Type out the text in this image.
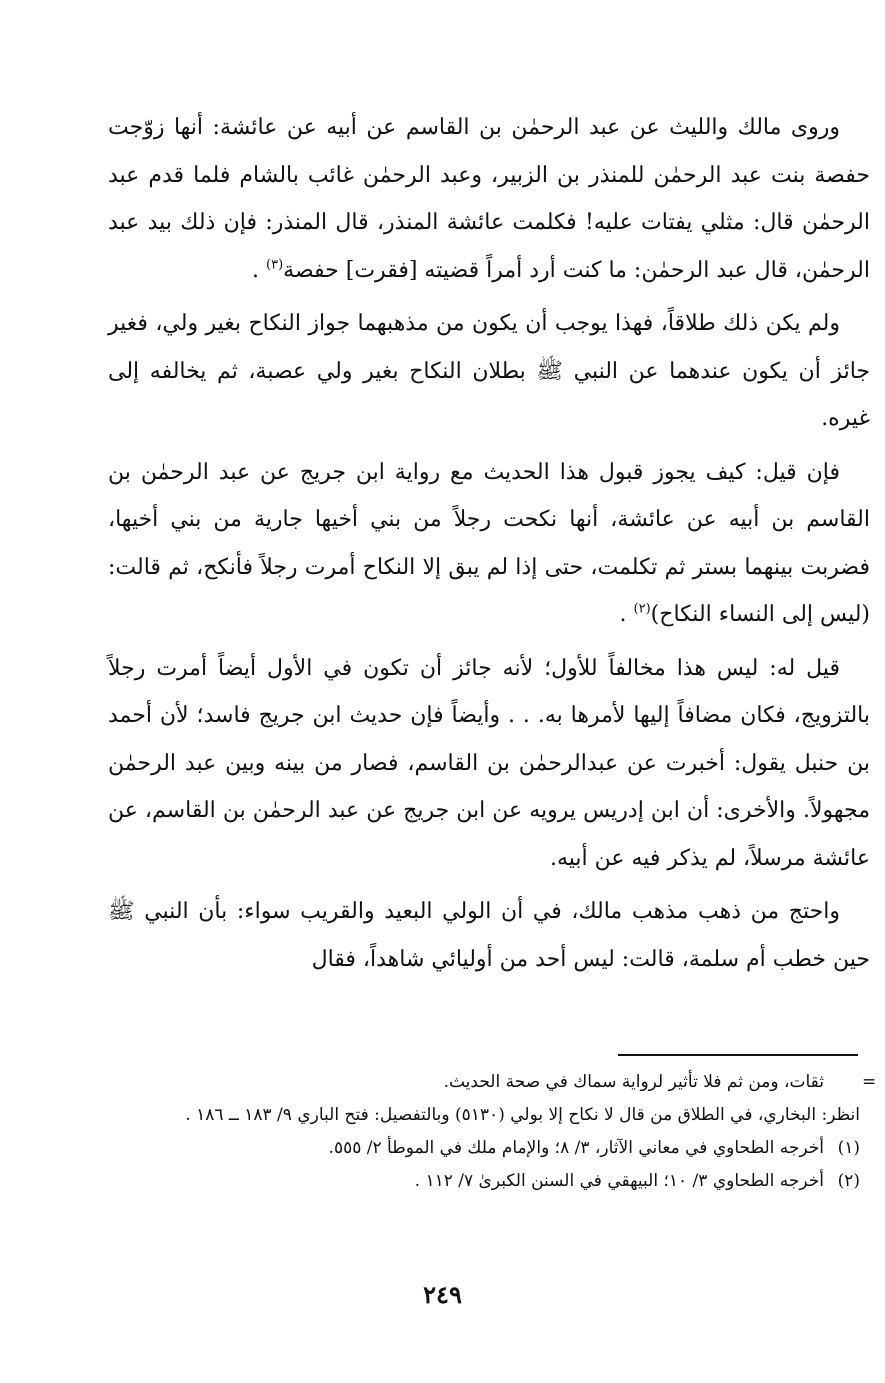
وروى مالك والليث عن عبد الرحمٰن بن القاسم عن أبيه عن عائشة: أنها زوّجت حفصة بنت عبد الرحمٰن للمنذر بن الزبير، وعبد الرحمٰن غائب بالشام فلما قدم عبد الرحمٰن قال: مثلي يفتات عليه! فكلمت عائشة المنذر، قال المنذر: فإن ذلك بيد عبد الرحمٰن، قال عبد الرحمٰن: ما كنت أرد أمراً قضيته [فقرت] حفصة$^{(٣)}$ .

ولم يكن ذلك طلاقاً، فهذا يوجب أن يكون من مذهبهما جواز النكاح بغير ولي، فغير جائز أن يكون عندهما عن النبي ﷺ بطلان النكاح بغير ولي عصبة، ثم يخالفه إلى غيره.

فإن قيل: كيف يجوز قبول هذا الحديث مع رواية ابن جريج عن عبد الرحمٰن بن القاسم بن أبيه عن عائشة، أنها نكحت رجلاً من بني أخيها جارية من بني أخيها، فضربت بينهما بستر ثم تكلمت، حتى إذا لم يبق إلا النكاح أمرت رجلاً فأنكح، ثم قالت: (ليس إلى النساء النكاح)$^{(٢)}$ .

قيل له: ليس هذا مخالفاً للأول؛ لأنه جائز أن تكون في الأول أيضاً أمرت رجلاً بالتزويج، فكان مضافاً إليها لأمرها به. . . وأيضاً فإن حديث ابن جريج فاسد؛ لأن أحمد بن حنبل يقول: أخبرت عن عبدالرحمٰن بن القاسم، فصار من بينه وبين عبد الرحمٰن مجهولاً. والأخرى: أن ابن إدريس يرويه عن ابن جريج عن عبد الرحمٰن بن القاسم، عن عائشة مرسلاً، لم يذكر فيه عن أبيه.

واحتج من ذهب مذهب مالك، في أن الولي البعيد والقريب سواء: بأن النبي ﷺ حين خطب أم سلمة، قالت: ليس أحد من أوليائي شاهداً، فقال

=

ثقات، ومن ثم فلا تأثير لرواية سماك في صحة الحديث.

انظر: البخاري، في الطلاق من قال لا نكاح إلا بولي (٥١٣٠) وبالتفصيل: فتح الباري ٩/ ١٨٣ ــ ١٨٦ .

(١)أخرجه الطحاوي في معاني الآثار، ٣/ ٨؛ والإمام ملك في الموطأ ٢/ ٥٥٥.

(٢)أخرجه الطحاوي ٣/ ١٠؛ البيهقي في السنن الكبرىٰ ٧/ ١١٢ .

٢٤٩
